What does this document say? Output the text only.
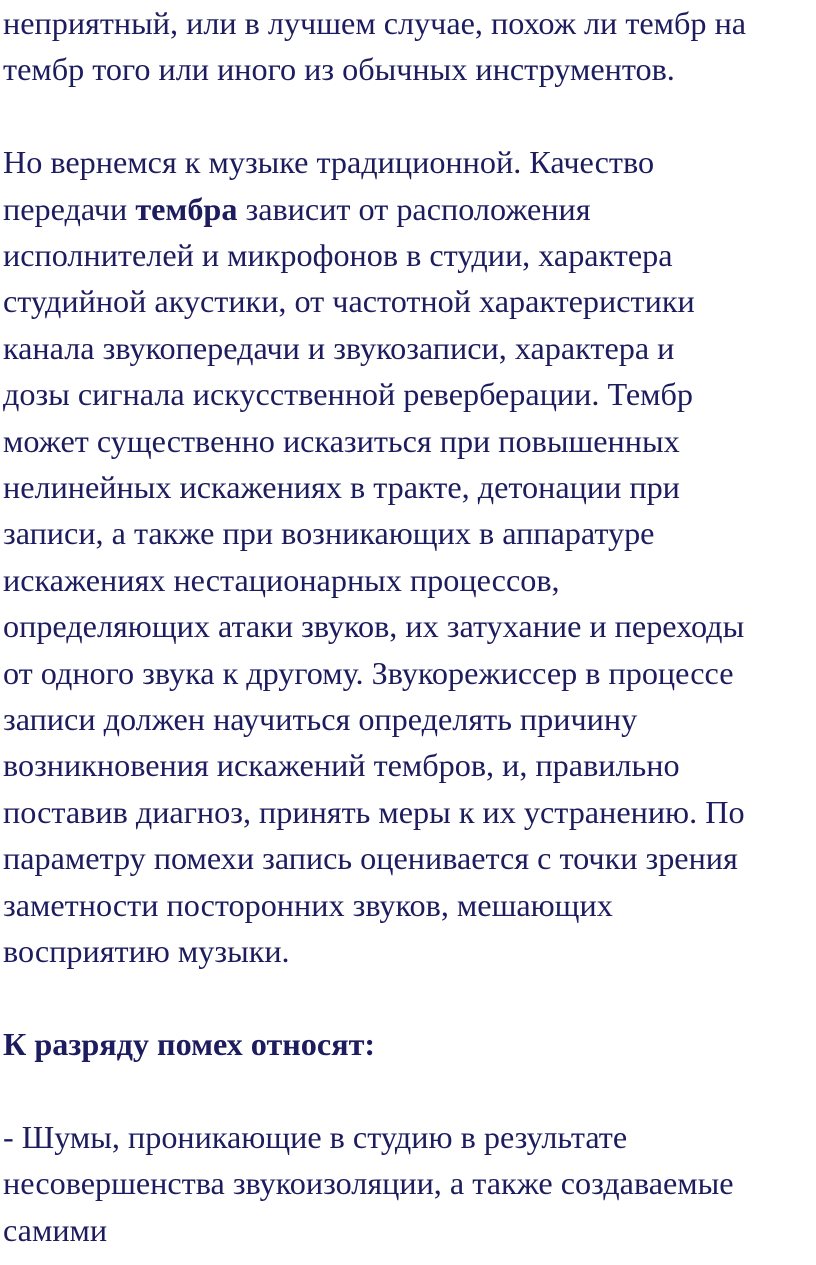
неприятный, или в лучшем случае, похож ли тембр на
тембр того или иного из обычных инструментов.

Но вернемся к музыке традиционной. Качество
передачи тембра зависит от расположения
исполнителей и микрофонов в студии, характера
студийной акустики, от частотной характеристики
канала звукопередачи и звукозаписи, характера и
дозы сигнала искусственной реверберации. Тембр
может существенно исказиться при повышенных
нелинейных искажениях в тракте, детонации при
записи, а также при возникающих в аппаратуре
искажениях нестационарных процессов,
определяющих атаки звуков, их затухание и переходы
от одного звука к другому. Звукорежиссер в процессе
записи должен научиться определять причину
возникновения искажений тембров, и, правильно
поставив диагноз, принять меры к их устранению. По
параметру помехи запись оценивается с точки зрения
заметности посторонних звуков, мешающих
восприятию музыки.

К разряду помех относят:

- Шумы, проникающие в студию в результате
несовершенства звукоизоляции, а также создаваемые
самими
